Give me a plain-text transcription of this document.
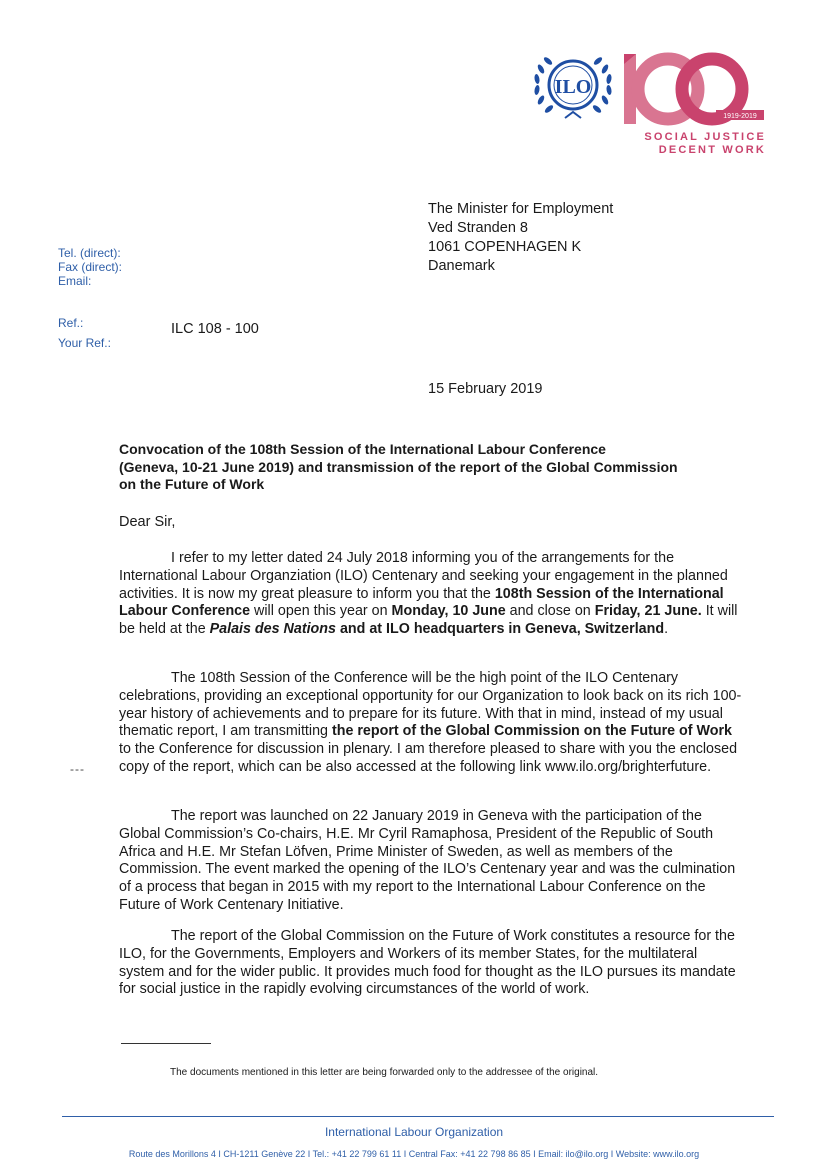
ILO
1919-2019
SOCIAL JUSTICE
DECENT WORK
The Minister for Employment
Ved Stranden 8
1061 COPENHAGEN K
Danemark
Tel. (direct):
Fax (direct):
Email:
Ref.:
Your Ref.:
ILC 108 - 100
15 February 2019
Convocation of the 108th Session of the International Labour Conference
(Geneva, 10-21 June 2019) and transmission of the report of the Global Commission
on the Future of Work
Dear Sir,
I refer to my letter dated 24 July 2018 informing you of the arrangements for the International Labour Organziation (ILO) Centenary and seeking your engagement in the planned activities. It is now my great pleasure to inform you that the 108th Session of the International Labour Conference will open this year on Monday, 10 June and close on Friday, 21 June. It will be held at the Palais des Nations and at ILO headquarters in Geneva, Switzerland.
The 108th Session of the Conference will be the high point of the ILO Centenary celebrations, providing an exceptional opportunity for our Organization to look back on its rich 100-year history of achievements and to prepare for its future. With that in mind, instead of my usual thematic report, I am transmitting the report of the Global Commission on the Future of Work to the Conference for discussion in plenary. I am therefore pleased to share with you the enclosed copy of the report, which can be also accessed at the following link www.ilo.org/brighterfuture.
---
The report was launched on 22 January 2019 in Geneva with the participation of the Global Commission’s Co-chairs, H.E. Mr Cyril Ramaphosa, President of the Republic of South Africa and H.E. Mr Stefan Löfven, Prime Minister of Sweden, as well as members of the Commission. The event marked the opening of the ILO’s Centenary year and was the culmination of a process that began in 2015 with my report to the International Labour Conference on the Future of Work Centenary Initiative.
The report of the Global Commission on the Future of Work constitutes a resource for the ILO, for the Governments, Employers and Workers of its member States, for the multilateral system and for the wider public. It provides much food for thought as the ILO pursues its mandate for social justice in the rapidly evolving circumstances of the world of work.
The documents mentioned in this letter are being forwarded only to the addressee of the original.
International Labour Organization
Route des Morillons 4 I CH-1211 Genève 22 I Tel.: +41 22 799 61 11 I Central Fax: +41 22 798 86 85 I Email: ilo@ilo.org I Website: www.ilo.org
